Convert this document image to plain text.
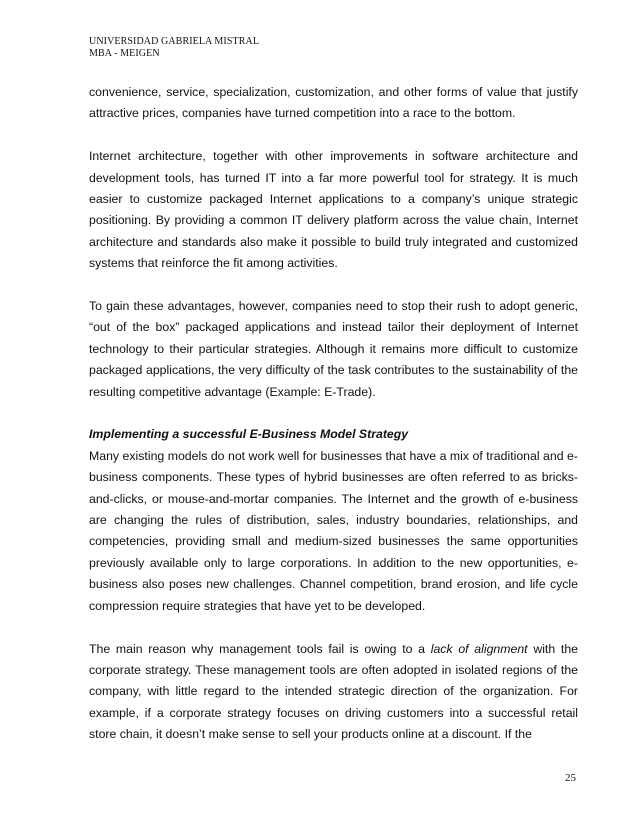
UNIVERSIDAD GABRIELA MISTRAL
MBA - MEIGEN

convenience, service, specialization, customization, and other forms of value that justify attractive prices, companies have turned competition into a race to the bottom.

Internet architecture, together with other improvements in software architecture and development tools, has turned IT into a far more powerful tool for strategy. It is much easier to customize packaged Internet applications to a company’s unique strategic positioning. By providing a common IT delivery platform across the value chain, Internet architecture and standards also make it possible to build truly integrated and customized systems that reinforce the fit among activities.

To gain these advantages, however, companies need to stop their rush to adopt generic, “out of the box” packaged applications and instead tailor their deployment of Internet technology to their particular strategies. Although it remains more difficult to customize packaged applications, the very difficulty of the task contributes to the sustainability of the resulting competitive advantage (Example: E-Trade).

Implementing a successful E-Business Model Strategy

Many existing models do not work well for businesses that have a mix of traditional and e-business components. These types of hybrid businesses are often referred to as bricks-and-clicks, or mouse-and-mortar companies. The Internet and the growth of e-business are changing the rules of distribution, sales, industry boundaries, relationships, and competencies, providing small and medium-sized businesses the same opportunities previously available only to large corporations. In addition to the new opportunities, e-business also poses new challenges. Channel competition, brand erosion, and life cycle compression require strategies that have yet to be developed.

The main reason why management tools fail is owing to a lack of alignment with the corporate strategy. These management tools are often adopted in isolated regions of the company, with little regard to the intended strategic direction of the organization. For example, if a corporate strategy focuses on driving customers into a successful retail store chain, it doesn’t make sense to sell your products online at a discount. If the

25
